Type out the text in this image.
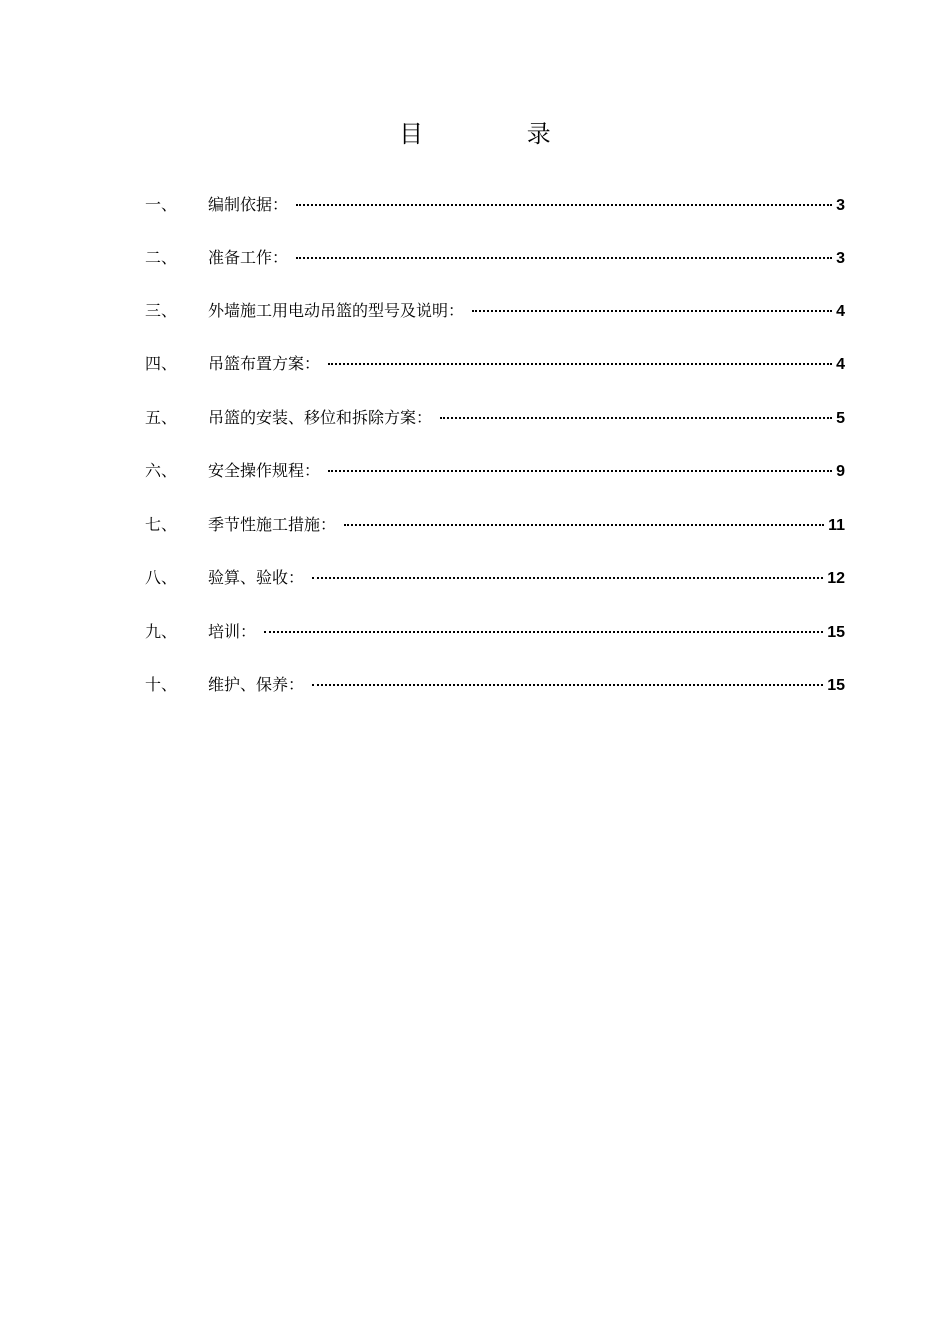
目 录
一、	编制依据：	3
二、	准备工作：	3
三、	外墙施工用电动吊篮的型号及说明：	4
四、	吊篮布置方案：	4
五、	吊篮的安装、移位和拆除方案：	5
六、	安全操作规程：	9
七、	季节性施工措施：	11
八、	验算、验收：	12
九、	培训：	15
十、	维护、保养：	15
